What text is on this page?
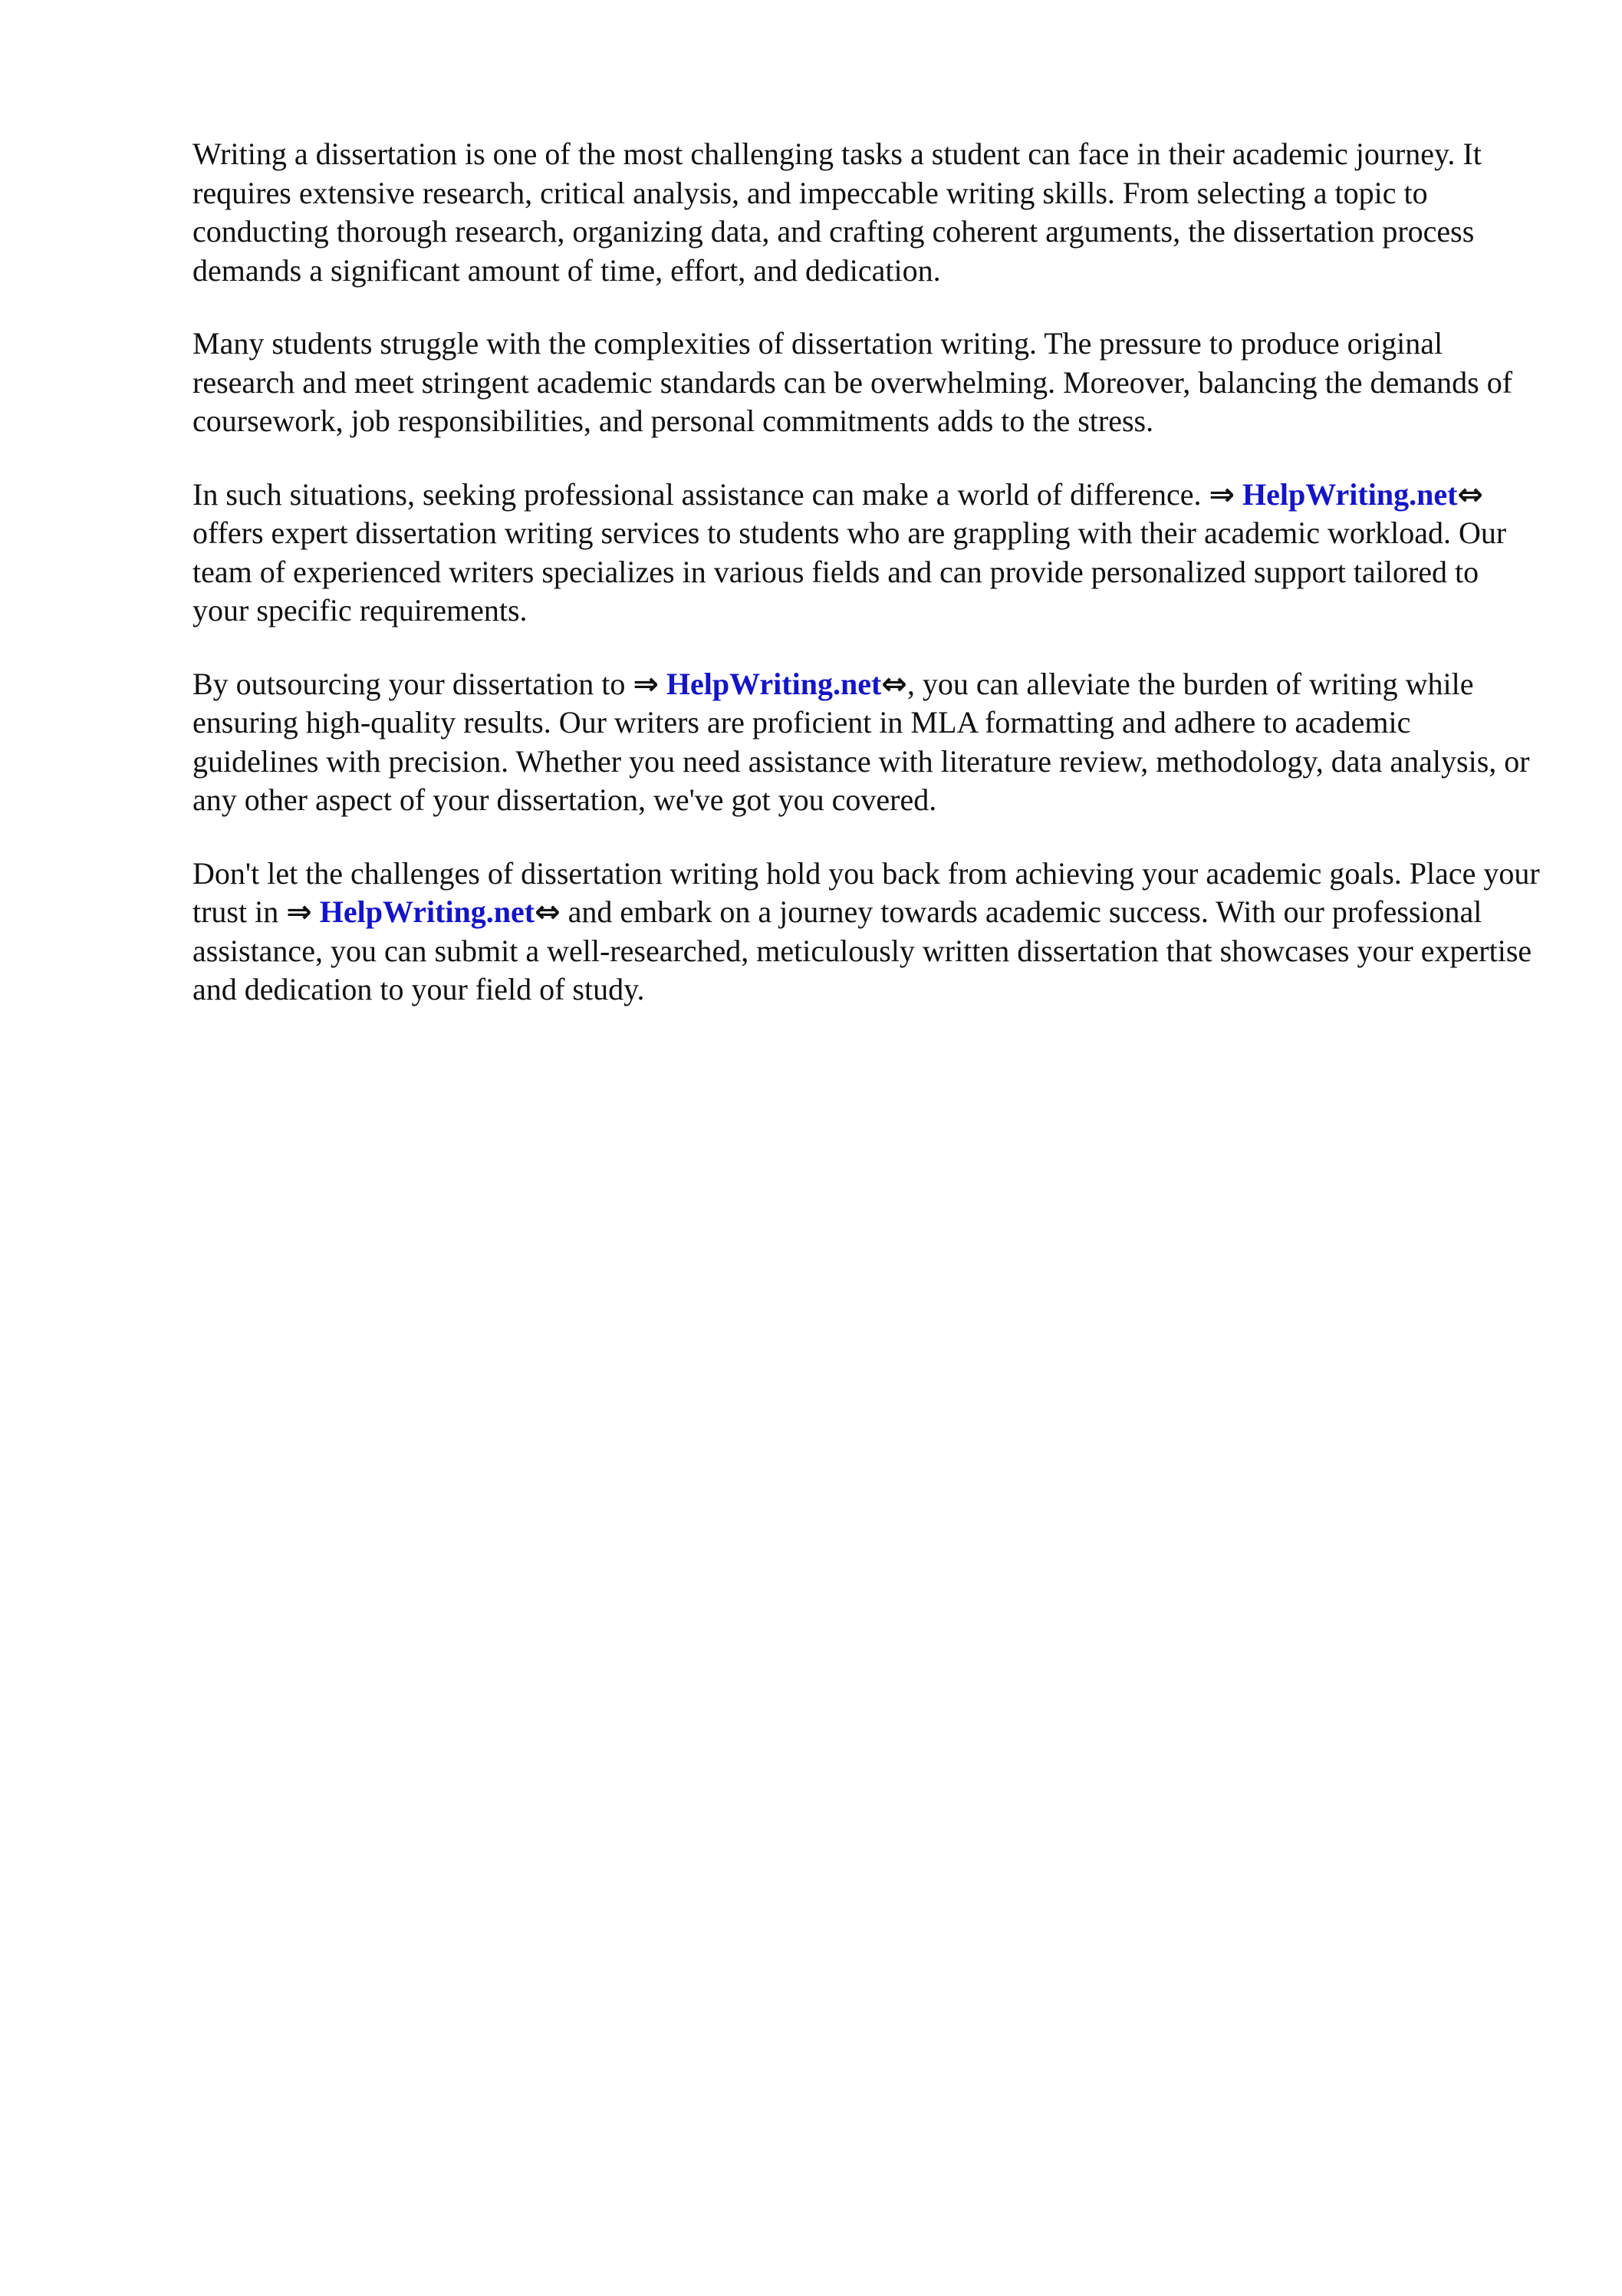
Writing a dissertation is one of the most challenging tasks a student can face in their academic journey. It requires extensive research, critical analysis, and impeccable writing skills. From selecting a topic to conducting thorough research, organizing data, and crafting coherent arguments, the dissertation process demands a significant amount of time, effort, and dedication.

Many students struggle with the complexities of dissertation writing. The pressure to produce original research and meet stringent academic standards can be overwhelming. Moreover, balancing the demands of coursework, job responsibilities, and personal commitments adds to the stress.

In such situations, seeking professional assistance can make a world of difference. ⇒ HelpWriting.net⇔ offers expert dissertation writing services to students who are grappling with their academic workload. Our team of experienced writers specializes in various fields and can provide personalized support tailored to your specific requirements.

By outsourcing your dissertation to ⇒ HelpWriting.net⇔, you can alleviate the burden of writing while ensuring high-quality results. Our writers are proficient in MLA formatting and adhere to academic guidelines with precision. Whether you need assistance with literature review, methodology, data analysis, or any other aspect of your dissertation, we've got you covered.

Don't let the challenges of dissertation writing hold you back from achieving your academic goals. Place your trust in ⇒ HelpWriting.net⇔ and embark on a journey towards academic success. With our professional assistance, you can submit a well-researched, meticulously written dissertation that showcases your expertise and dedication to your field of study.
